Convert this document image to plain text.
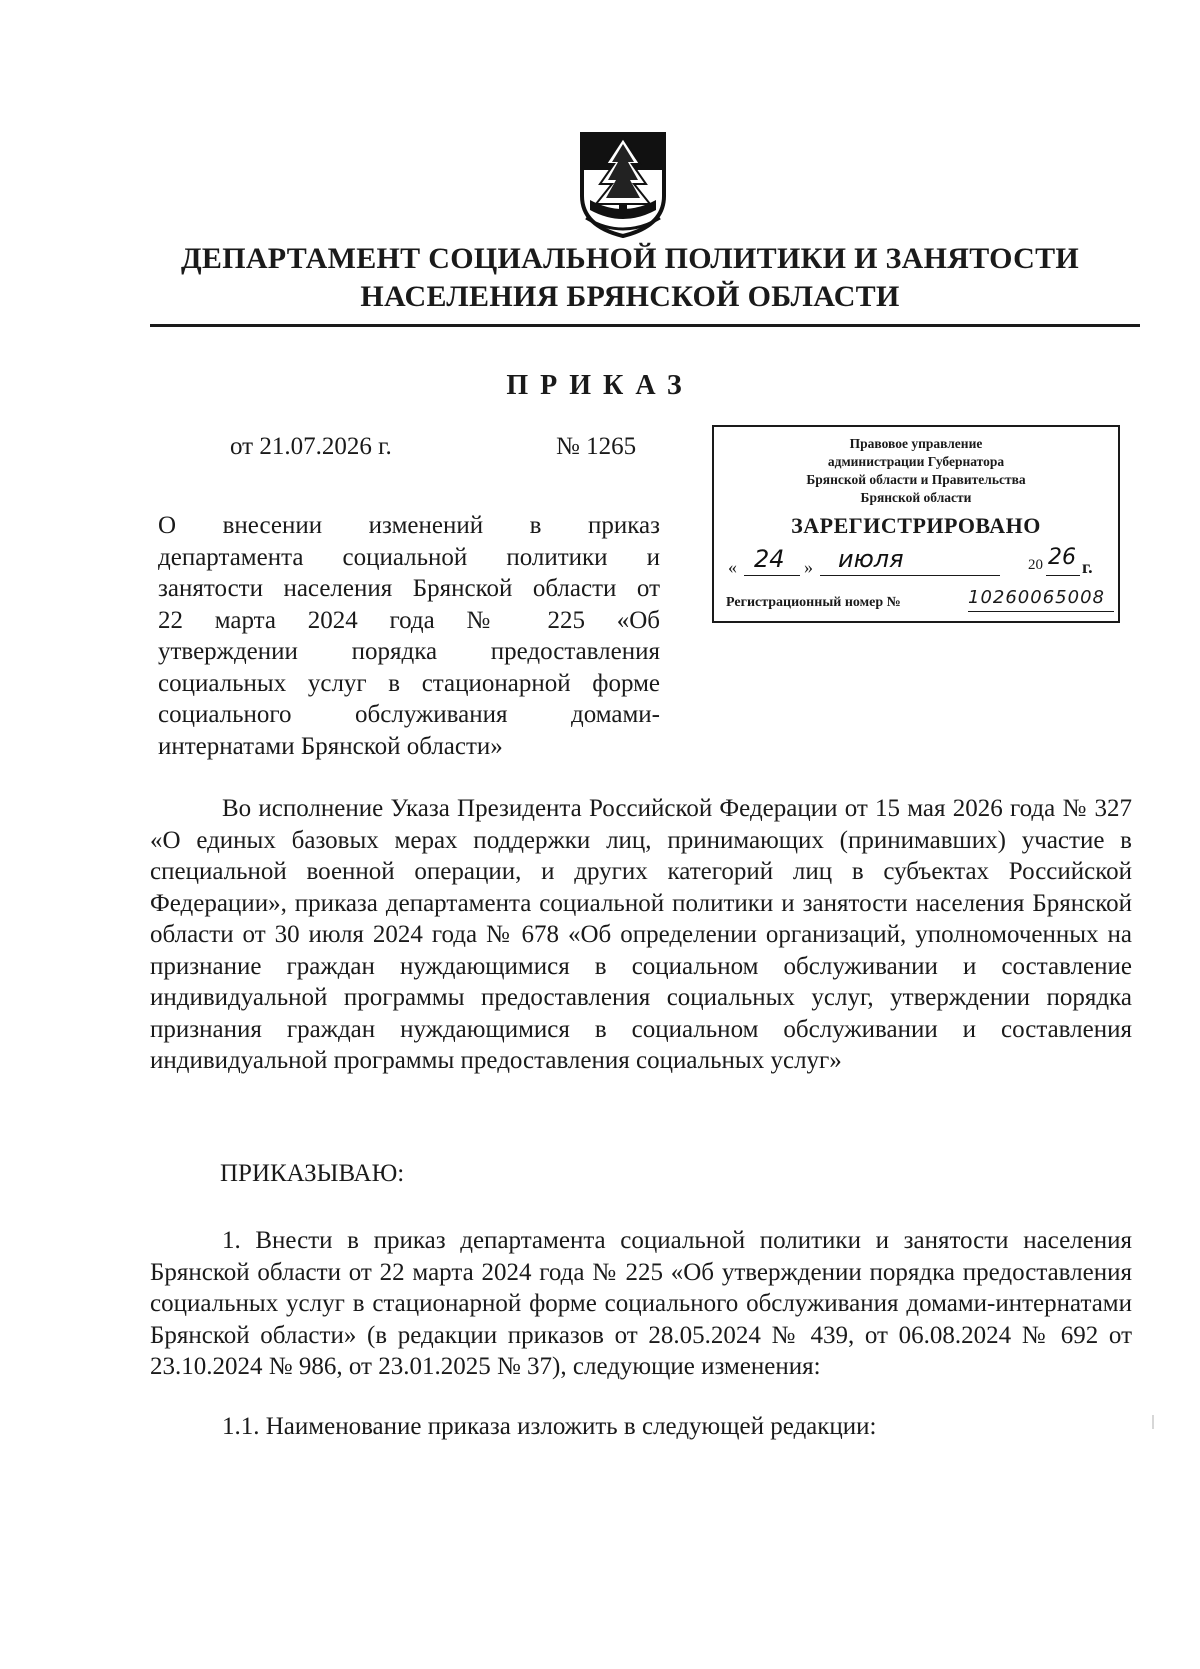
ДЕПАРТАМЕНТ СОЦИАЛЬНОЙ ПОЛИТИКИ И ЗАНЯТОСТИ
НАСЕЛЕНИЯ БРЯНСКОЙ ОБЛАСТИ
ПРИКАЗ
от 21.07.2026 г.	№ 1265
О внесении изменений в приказ
департамента социальной политики и
занятости населения Брянской области от
22 марта 2024 года № 225 «Об
утверждении порядка предоставления
социальных услуг в стационарной форме
социального обслуживания домами-
интернатами Брянской области»
Правовое управление
администрации Губернатора
Брянской области и Правительства
Брянской области
ЗАРЕГИСТРИРОВАНО
« 24 » июля	20 26 г.
Регистрационный номер №	10260065008
Во исполнение Указа Президента Российской Федерации от 15 мая 2026 года № 327 «О единых базовых мерах поддержки лиц, принимающих (принимавших) участие в специальной военной операции, и других категорий лиц в субъектах Российской Федерации», приказа департамента социальной политики и занятости населения Брянской области от 30 июля 2024 года № 678 «Об определении организаций, уполномоченных на признание граждан нуждающимися в социальном обслуживании и составление индивидуальной программы предоставления социальных услуг, утверждении порядка признания граждан нуждающимися в социальном обслуживании и составления индивидуальной программы предоставления социальных услуг»
ПРИКАЗЫВАЮ:
1. Внести в приказ департамента социальной политики и занятости населения Брянской области от 22 марта 2024 года № 225 «Об утверждении порядка предоставления социальных услуг в стационарной форме социального обслуживания домами-интернатами Брянской области» (в редакции приказов от 28.05.2024 № 439, от 06.08.2024 № 692 от 23.10.2024 № 986, от 23.01.2025 № 37), следующие изменения:
1.1. Наименование приказа изложить в следующей редакции:
